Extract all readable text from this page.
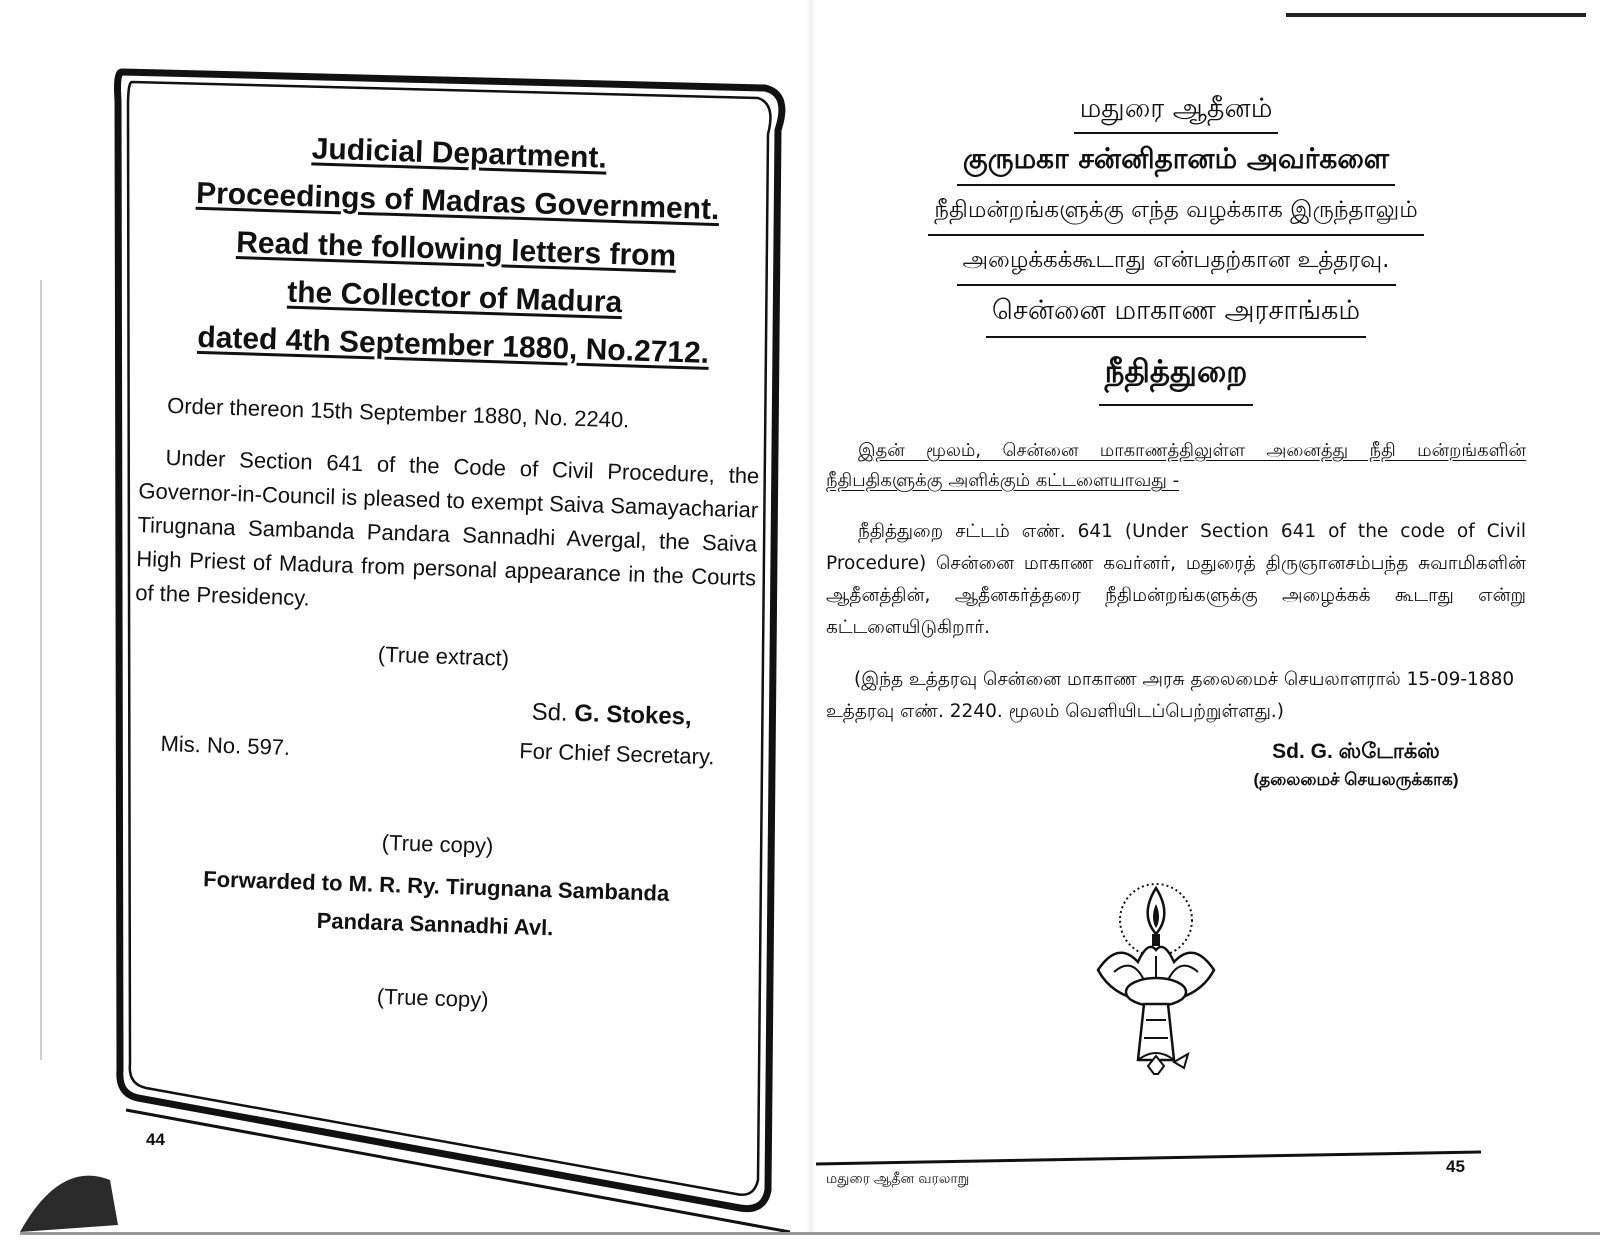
Judicial Department.

Proceedings of Madras Government.

Read the following letters from

the Collector of Madura

dated 4th September 1880, No.2712.

Order thereon 15th September 1880, No. 2240.

Under Section 641 of the Code of Civil Procedure, the Governor-in-Council is pleased to exempt Saiva Samayachariar Tirugnana Sambanda Pandara Sannadhi Avergal, the Saiva High Priest of Madura from personal appearance in the Courts of the Presidency.

(True extract)

Sd. G. Stokes,
For Chief Secretary.
Mis. No. 597.

(True copy)

Forwarded to M. R. Ry. Tirugnana Sambanda
Pandara Sannadhi Avl.

(True copy)

44

மதுரை ஆதீனம்

குருமகா சன்னிதானம் அவர்களை

நீதிமன்றங்களுக்கு எந்த வழக்காக இருந்தாலும்

அழைக்கக்கூடாது என்பதற்கான உத்தரவு.

சென்னை மாகாண அரசாங்கம்

நீதித்துறை

இதன் மூலம், சென்னை மாகாணத்திலுள்ள அனைத்து நீதி மன்றங்களின் நீதிபதிகளுக்கு அளிக்கும் கட்டளையாவது -

நீதித்துறை சட்டம் எண். 641 (Under Section 641 of the code of Civil Procedure) சென்னை மாகாண கவர்னர், மதுரைத் திருஞானசம்பந்த சுவாமிகளின் ஆதீனத்தின், ஆதீனகர்த்தரை நீதிமன்றங்களுக்கு அழைக்கக் கூடாது என்று கட்டளையிடுகிறார்.

(இந்த உத்தரவு சென்னை மாகாண அரசு தலைமைச் செயலாளரால் 15-09-1880 உத்தரவு எண். 2240. மூலம் வெளியிடப்பெற்றுள்ளது.)

Sd. G. ஸ்டோக்ஸ்
(தலைமைச் செயலருக்காக)
45
மதுரை ஆதீன வரலாறு
